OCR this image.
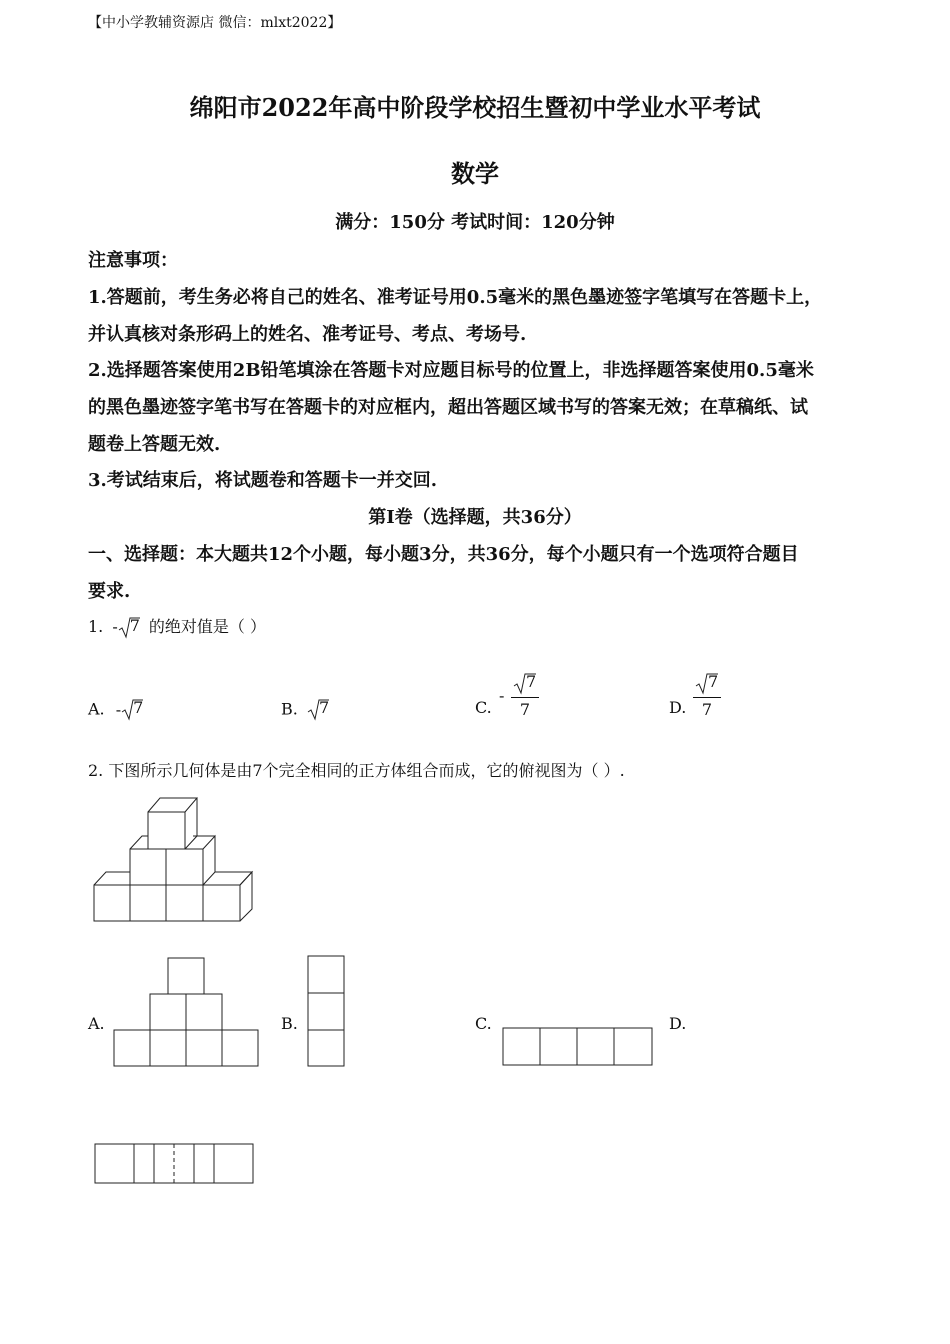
【中小学教辅资源店 微信：mlxt2022】
绵阳市2022年高中阶段学校招生暨初中学业水平考试
数学
满分：150分 考试时间：120分钟
注意事项：
1.答题前，考生务必将自己的姓名、准考证号用0.5毫米的黑色墨迹签字笔填写在答题卡上，
并认真核对条形码上的姓名、准考证号、考点、考场号.
2.选择题答案使用2B铅笔填涂在答题卡对应题目标号的位置上，非选择题答案使用0.5毫米
的黑色墨迹签字笔书写在答题卡的对应框内，超出答题区域书写的答案无效；在草稿纸、试
题卷上答题无效.
3.考试结束后，将试题卷和答题卡一并交回.
第Ⅰ卷（选择题，共36分）
一、选择题：本大题共12个小题，每小题3分，共36分，每个小题只有一个选项符合题目
要求.
1. - 7 的绝对值是（ ）
A. - 7	B. 7	C.
-
7
7	D.
7
7
2. 下图所示几何体是由7个完全相同的正方体组合而成，它的俯视图为（ ）.
A.	B.	C.	D.
